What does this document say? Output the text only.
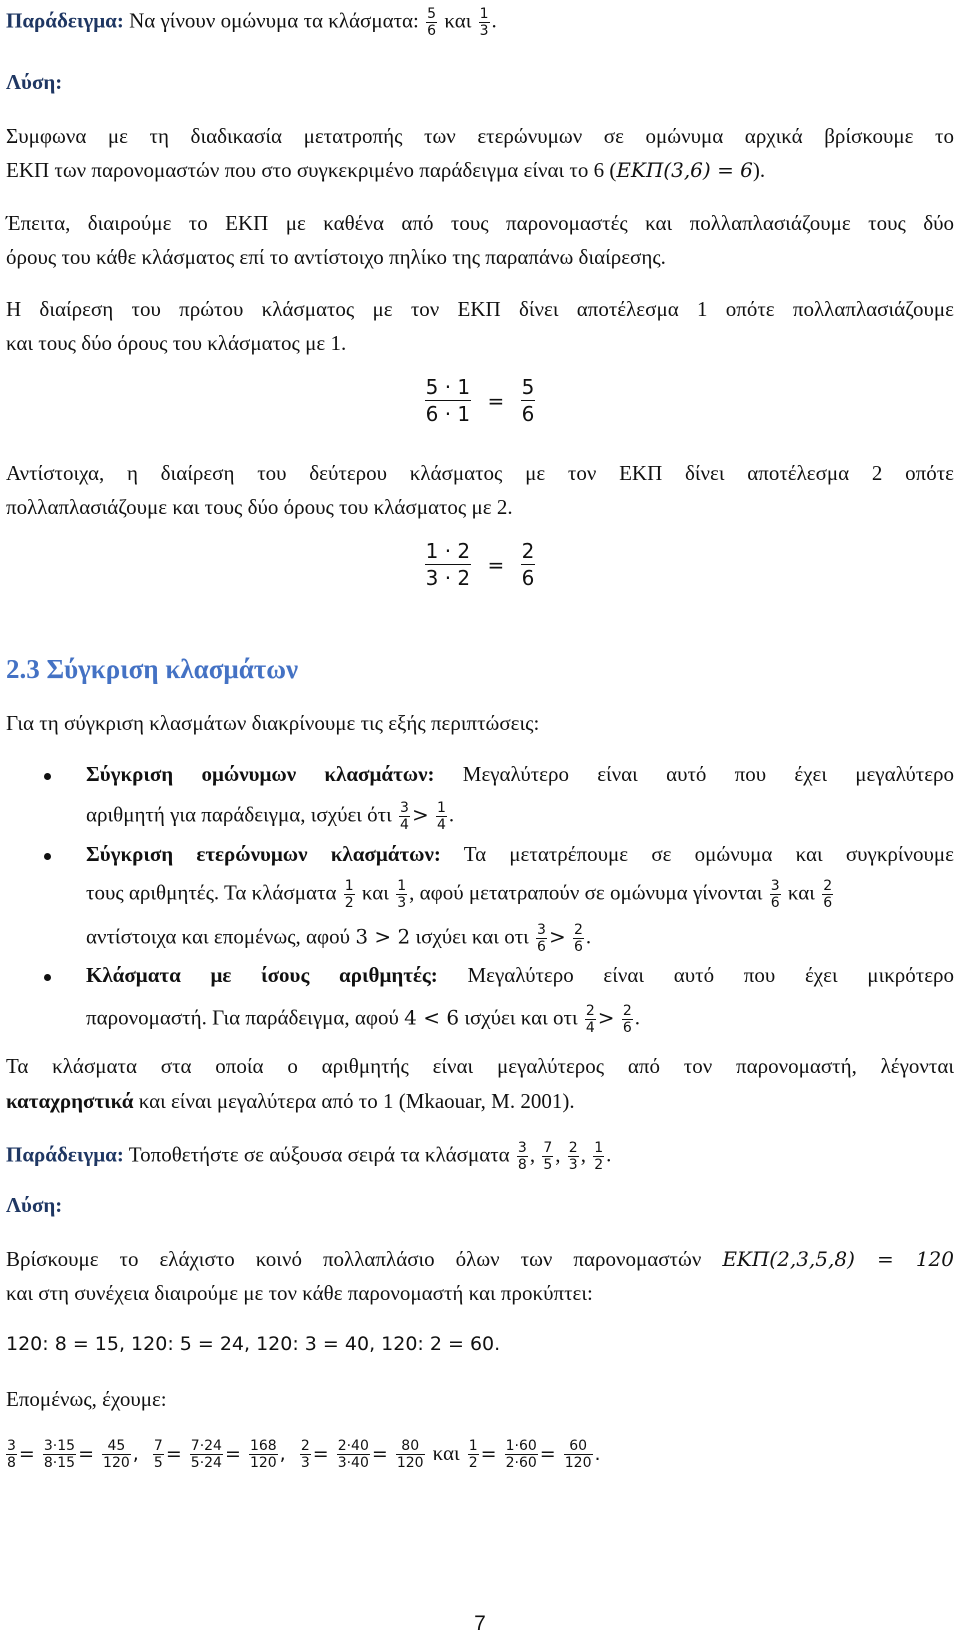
Παράδειγμα: Να γίνουν ομώνυμα τα κλάσματα: $\frac{5}{6}$ και $\frac{1}{3}$ .
Λύση:
Συμφωνα με τη διαδικασία μετατροπής των ετερώνυμων σε ομώνυμα αρχικά βρίσκουμε το
ΕΚΠ των παρονομαστών που στο συγκεκριμένο παράδειγμα είναι το 6 (ΕΚΠ(3,6) = 6).
Έπειτα, διαιρούμε το ΕΚΠ με καθένα από τους παρονομαστές και πολλαπλασιάζουμε τους δύο
όρους του κάθε κλάσματος επί το αντίστοιχο πηλίκο της παραπάνω διαίρεσης.
Η διαίρεση του πρώτου κλάσματος με τον ΕΚΠ δίνει αποτέλεσμα 1 οπότε πολλαπλασιάζουμε
και τους δύο όρους του κλάσματος με 1.
$\frac{5 \cdot 1}{6 \cdot 1} = \frac{5}{6}$
Αντίστοιχα, η διαίρεση του δεύτερου κλάσματος με τον ΕΚΠ δίνει αποτέλεσμα 2 οπότε
πολλαπλασιάζουμε και τους δύο όρους του κλάσματος με 2.
$\frac{1 \cdot 2}{3 \cdot 2} = \frac{2}{6}$
2.3 Σύγκριση κλασμάτων
Για τη σύγκριση κλασμάτων διακρίνουμε τις εξής περιπτώσεις:
Σύγκριση ομώνυμων κλασμάτων: Μεγαλύτερο είναι αυτό που έχει μεγαλύτερο
αριθμητή για παράδειγμα, ισχύει ότι $\frac{3}{4} > \frac{1}{4}$ .
Σύγκριση ετερώνυμων κλασμάτων: Τα μετατρέπουμε σε ομώνυμα και συγκρίνουμε
τους αριθμητές. Τα κλάσματα $\frac{1}{2}$ και $\frac{1}{3}$ , αφού μετατραπούν σε ομώνυμα γίνονται $\frac{3}{6}$ και $\frac{2}{6}$
αντίστοιχα και επομένως, αφού 3 > 2 ισχύει και οτι $\frac{3}{6} > \frac{2}{6}$ .
Κλάσματα με ίσους αριθμητές: Μεγαλύτερο είναι αυτό που έχει μικρότερο
παρονομαστή. Για παράδειγμα, αφού 4 < 6 ισχύει και οτι $\frac{2}{4} > \frac{2}{6}$ .
Τα κλάσματα στα οποία ο αριθμητής είναι μεγαλύτερος από τον παρονομαστή, λέγονται
καταχρηστικά και είναι μεγαλύτερα από το 1 (Mkaouar, M. 2001).
Παράδειγμα: Τοποθετήστε σε αύξουσα σειρά τα κλάσματα $\frac{3}{8}$ , $\frac{7}{5}$ , $\frac{2}{3}$ , $\frac{1}{2}$ .
Λύση:
Βρίσκουμε το ελάχιστο κοινό πολλαπλάσιο όλων των παρονομαστών ΕΚΠ(2,3,5,8) = 120
και στη συνέχεια διαιρούμε με τον κάθε παρονομαστή και προκύπτει:
120: 8 = 15, 120: 5 = 24, 120: 3 = 40, 120: 2 = 60.
Επομένως, έχουμε:
$\frac{3}{8} = \frac{3\cdot 15}{8\cdot 15} = \frac{45}{120}$ , $\frac{7}{5} = \frac{7\cdot 24}{5\cdot 24} = \frac{168}{120}$ , $\frac{2}{3} = \frac{2\cdot 40}{3\cdot 40} = \frac{80}{120}$ και $\frac{1}{2} = \frac{1\cdot 60}{2\cdot 60} = \frac{60}{120}$ .
7
